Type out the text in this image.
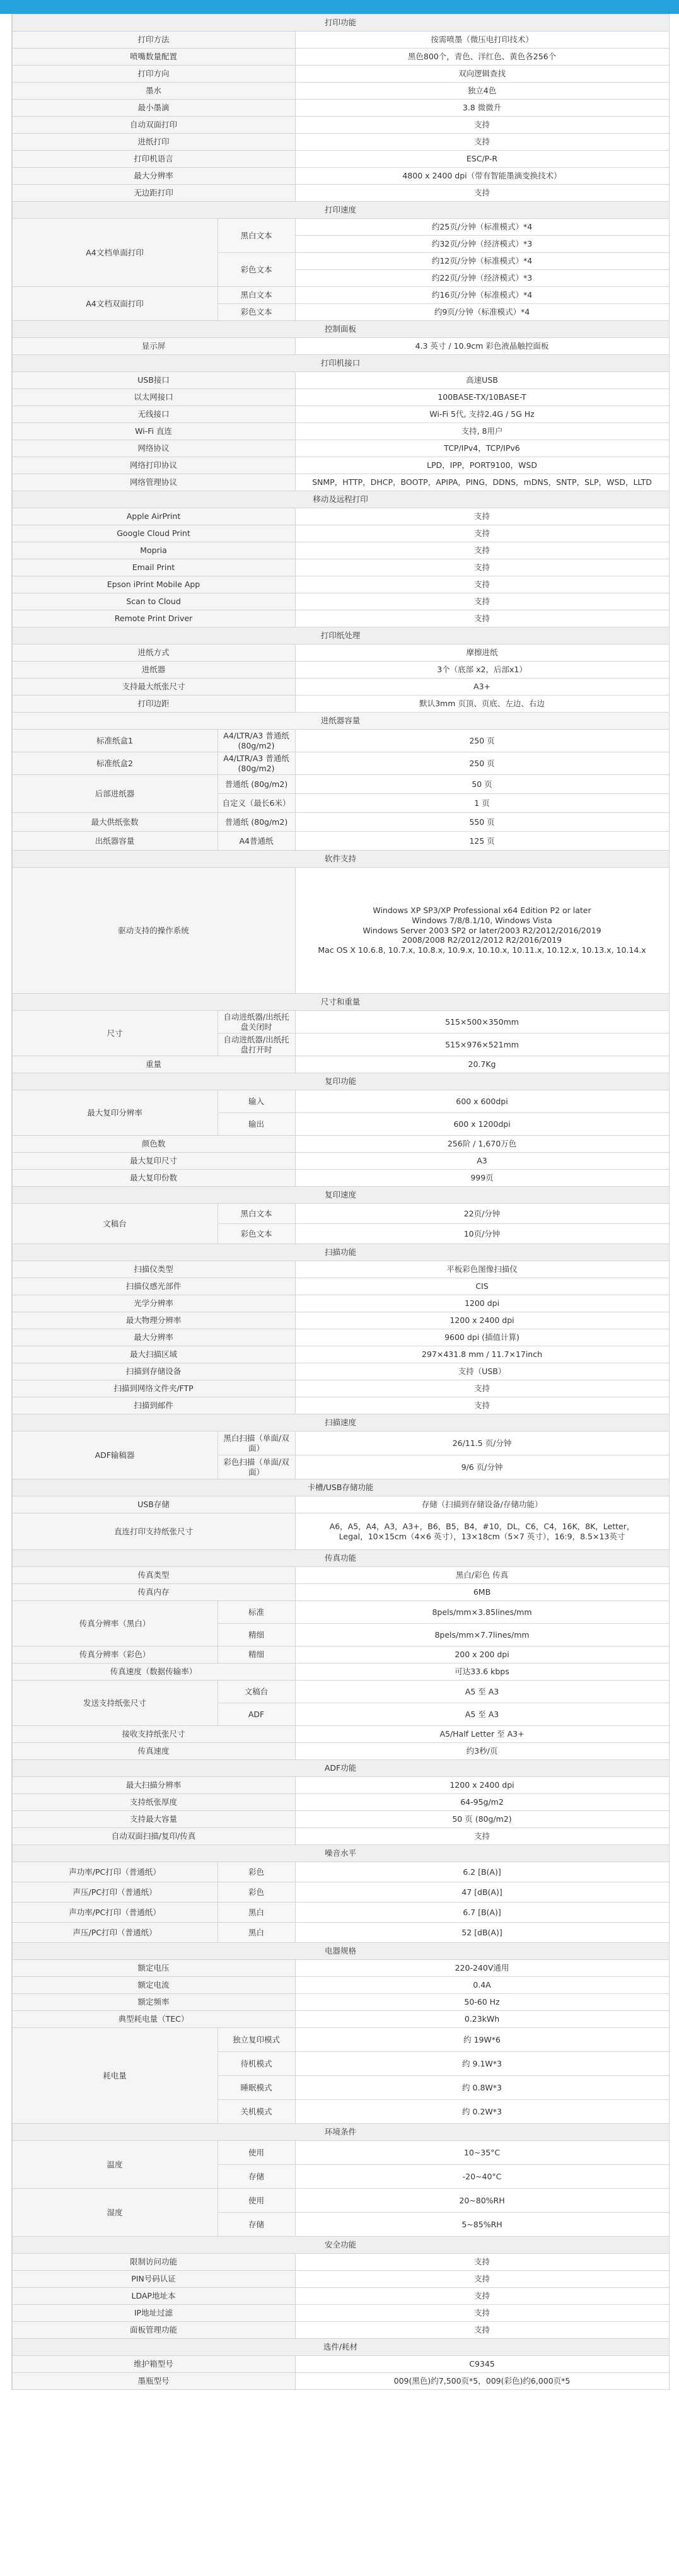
打印功能		
打印方法		按需喷墨（微压电打印技术）
喷嘴数量配置		黑色800个，青色、洋红色、黄色各256个
打印方向		双向逻辑查找
墨水		独立4色
最小墨滴		3.8 微微升
自动双面打印		支持
进纸打印		支持
打印机语言		ESC/P-R
最大分辨率		4800 x 2400 dpi（带有智能墨滴变换技术）
无边距打印		支持
打印速度		
A4文档单面打印	黑白文本	约25页/分钟（标准模式）*4
		约32页/分钟（经济模式）*3
	彩色文本	约12页/分钟（标准模式）*4
		约22页/分钟（经济模式）*3
A4文档双面打印	黑白文本	约16页/分钟（标准模式）*4
	彩色文本	约9页/分钟（标准模式）*4
控制面板		
显示屏		4.3 英寸 / 10.9cm 彩色液晶触控面板
打印机接口		
USB接口		高速USB
以太网接口		100BASE-TX/10BASE-T
无线接口		Wi-Fi 5代, 支持2.4G / 5G Hz
Wi-Fi 直连		支持, 8用户
网络协议		TCP/IPv4，TCP/IPv6
网络打印协议		LPD，IPP，PORT9100，WSD
网络管理协议		SNMP，HTTP，DHCP，BOOTP，APIPA，PING，DDNS，mDNS，SNTP，SLP，WSD，LLTD
移动及远程打印		
Apple AirPrint		支持
Google Cloud Print		支持
Mopria		支持
Email Print		支持
Epson iPrint Mobile App		支持
Scan to Cloud		支持
Remote Print Driver		支持
打印纸处理		
进纸方式		摩擦进纸
进纸器		3个（底部 x2，后部x1）
支持最大纸张尺寸		A3+
打印边距		默认3mm 页顶、页底、左边、右边
进纸器容量		
标准纸盒1	A4/LTR/A3 普通纸 (80g/m2)	250 页
标准纸盒2	A4/LTR/A3 普通纸 (80g/m2)	250 页
后部进纸器	普通纸 (80g/m2)	50 页
	自定义（最长6米）	1 页
最大供纸张数	普通纸 (80g/m2)	550 页
出纸器容量	A4普通纸	125 页
软件支持		
驱动支持的操作系统		Windows XP SP3/XP Professional x64 Edition P2 or later
Windows 7/8/8.1/10, Windows Vista
Windows Server 2003 SP2 or later/2003 R2/2012/2016/2019
2008/2008 R2/2012/2012 R2/2016/2019
Mac OS X 10.6.8, 10.7.x, 10.8.x, 10.9.x, 10.10.x, 10.11.x, 10.12.x, 10.13.x, 10.14.x

尺寸和重量		
尺寸	自动进纸器/出纸托盘关闭时	515×500×350mm
	自动进纸器/出纸托盘打开时	515×976×521mm
重量		20.7Kg
复印功能		
最大复印分辨率	输入	600 x 600dpi
	输出	600 x 1200dpi
颜色数		256阶 / 1,670万色
最大复印尺寸		A3
最大复印份数		999页
复印速度		
文稿台	黑白文本	22页/分钟
	彩色文本	10页/分钟
扫描功能		
扫描仪类型		平板彩色图像扫描仪
扫描仪感光部件		CIS
光学分辨率		1200 dpi
最大物理分辨率		1200 x 2400 dpi
最大分辨率		9600 dpi (插值计算)
最大扫描区域		297×431.8 mm / 11.7×17inch
扫描到存储设备		支持（USB）
扫描到网络文件夹/FTP		支持
扫描到邮件		支持
扫描速度		
ADF输稿器	黑白扫描（单面/双面）	26/11.5 页/分钟
	彩色扫描（单面/双面）	9/6 页/分钟
卡槽/USB存储功能		
USB存储		存储（扫描到存储设备/存储功能）
直连打印支持纸张尺寸		A6，A5，A4，A3，A3+，B6，B5，B4，#10，DL，C6，C4，16K，8K，Letter，
Legal，10×15cm（4×6 英寸），13×18cm（5×7 英寸），16:9，8.5×13英寸

传真功能		
传真类型		黑白/彩色 传真
传真内存		6MB
传真分辨率（黑白）	标准	8pels/mm×3.85lines/mm
	精细	8pels/mm×7.7lines/mm
传真分辨率（彩色）	精细	200 x 200 dpi
传真速度（数据传输率）		可达33.6 kbps
发送支持纸张尺寸	文稿台	A5 至 A3
	ADF	A5 至 A3
接收支持纸张尺寸		A5/Half Letter 至 A3+
传真速度		约3秒/页
ADF功能		
最大扫描分辨率		1200 x 2400 dpi
支持纸张厚度		64-95g/m2
支持最大容量		50 页 (80g/m2)
自动双面扫描/复印/传真		支持
噪音水平		
声功率/PC打印（普通纸）	彩色	6.2 [B(A)]
声压/PC打印（普通纸）	彩色	47 [dB(A)]
声功率/PC打印（普通纸）	黑白	6.7 [B(A)]
声压/PC打印（普通纸）	黑白	52 [dB(A)]
电器规格		
额定电压		220-240V通用
额定电流		0.4A
额定频率		50-60 Hz
典型耗电量（TEC）		0.23kWh
耗电量	独立复印模式	约 19W*6
	待机模式	约 9.1W*3
	睡眠模式	约 0.8W*3
	关机模式	约 0.2W*3
环境条件		
温度	使用	10~35°C
	存储	-20~40°C
湿度	使用	20~80%RH
	存储	5~85%RH
安全功能		
限制访问功能		支持
PIN号码认证		支持
LDAP地址本		支持
IP地址过滤		支持
面板管理功能		支持
选件/耗材		
维护箱型号		C9345
墨瓶型号		009(黑色)约7,500页*5，009(彩色)约6,000页*5
